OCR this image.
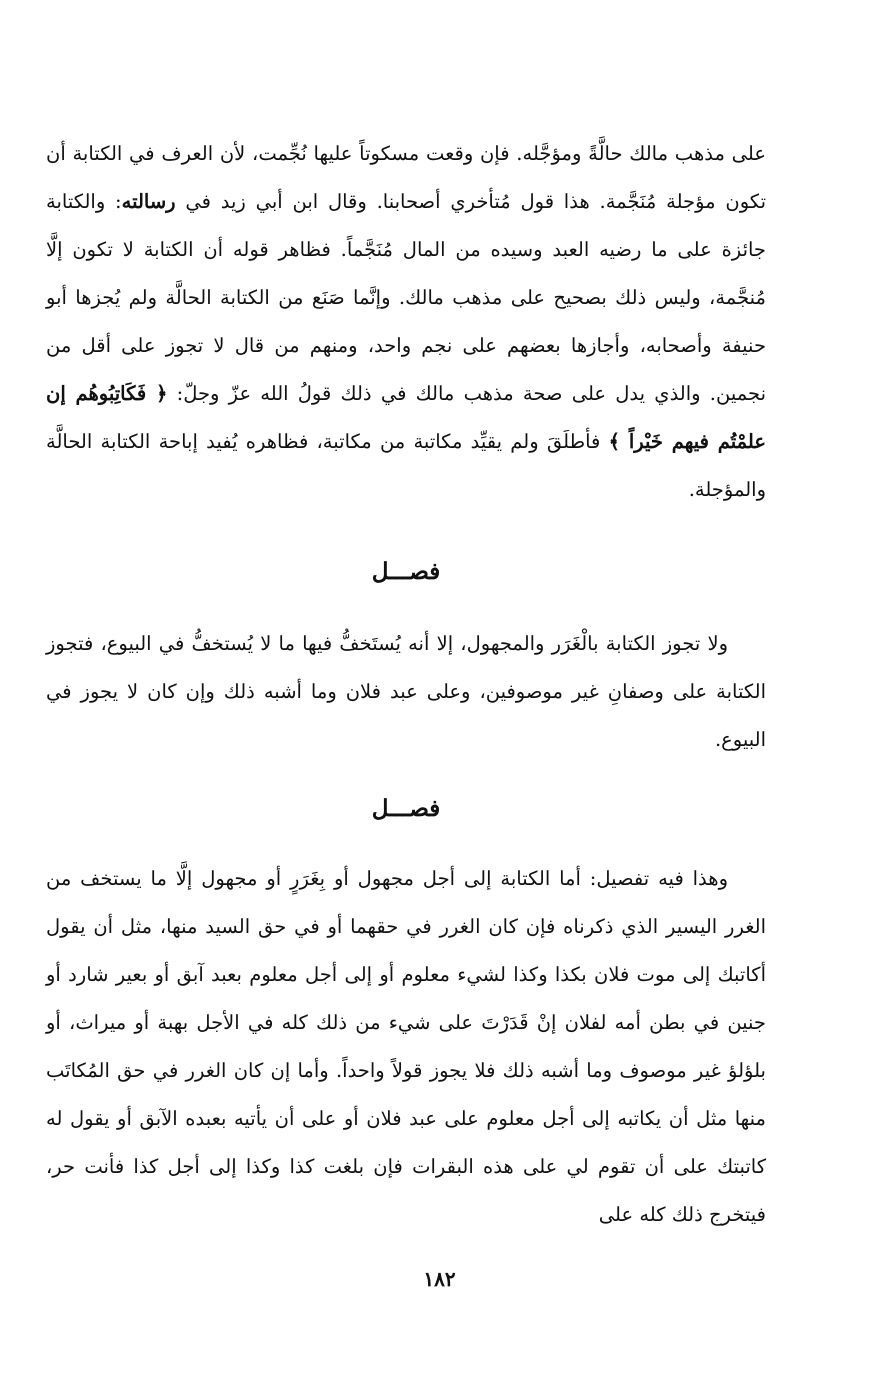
على مذهب مالك حالَّةً ومؤجَّله. فإن وقعت مسكوتاً عليها نُجِّمت، لأن العرف في الكتابة أن تكون مؤجلة مُنَجَّمة. هذا قول مُتأخري أصحابنا. وقال ابن أبي زيد في رسالته: والكتابة جائزة على ما رضيه العبد وسيده من المال مُنَجَّماً. فظاهر قوله أن الكتابة لا تكون إلَّا مُنجَّمة، وليس ذلك بصحيح على مذهب مالك. وإنَّما صَنَع من الكتابة الحالَّة ولم يُجزها أبو حنيفة وأصحابه، وأجازها بعضهم على نجم واحد، ومنهم من قال لا تجوز على أقل من نجمين. والذي يدل على صحة مذهب مالك في ذلك قولُ الله عزّ وجلّ: ﴿ فَكَاتِبُوهُم إن علمْتُم فيهم خَيْراً ﴾ فأطلَقَ ولم يقيِّد مكاتبة من مكاتبة، فظاهره يُفيد إباحة الكتابة الحالَّة والمؤجلة.

فصـــل

ولا تجوز الكتابة بالْغَرَر والمجهول، إلا أنه يُستَخفُّ فيها ما لا يُستخفُّ في البيوع، فتجوز الكتابة على وصفانِ غير موصوفين، وعلى عبد فلان وما أشبه ذلك وإن كان لا يجوز في البيوع.

فصـــل

وهذا فيه تفصيل: أما الكتابة إلى أجل مجهول أو بِغَرَرٍ أو مجهول إلَّا ما يستخف من الغرر اليسير الذي ذكرناه فإن كان الغرر في حقهما أو في حق السيد منها، مثل أن يقول أكاتبك إلى موت فلان بكذا وكذا لشيء معلوم أو إلى أجل معلوم بعبد آبق أو بعير شارد أو جنين في بطن أمه لفلان إنْ قَدَرْتَ على شيء من ذلك كله في الأجل بهبة أو ميراث، أو بلؤلؤ غير موصوف وما أشبه ذلك فلا يجوز قولاً واحداً. وأما إن كان الغرر في حق المُكاتَب منها مثل أن يكاتبه إلى أجل معلوم على عبد فلان أو على أن يأتيه بعبده الآبق أو يقول له كاتبتك على أن تقوم لي على هذه البقرات فإن بلغت كذا وكذا إلى أجل كذا فأنت حر، فيتخرج ذلك كله على

١٨٢
